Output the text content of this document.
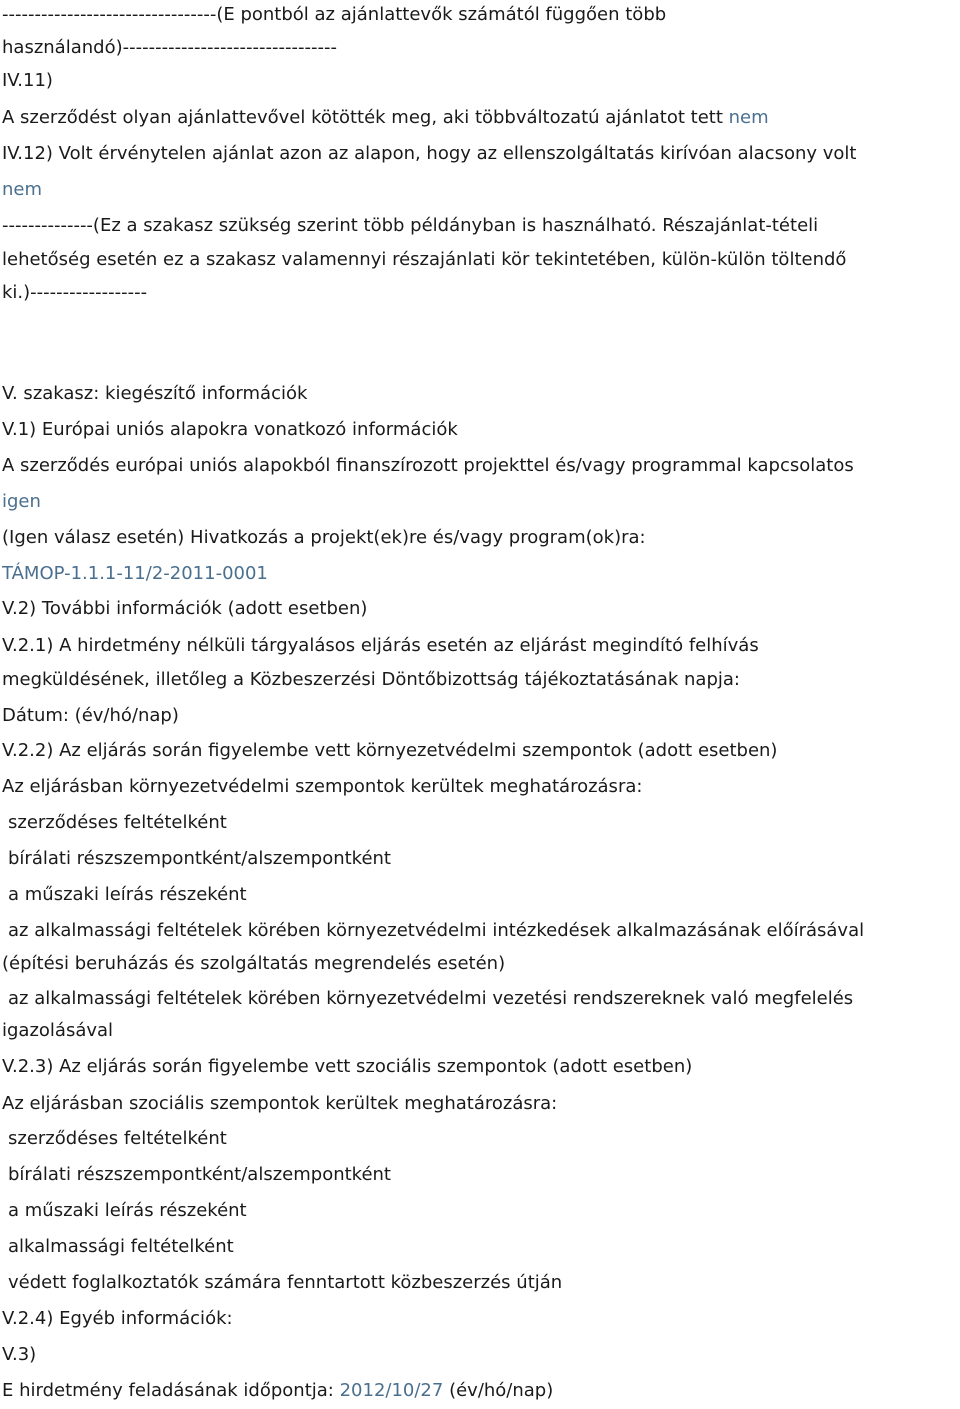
---------------------------------(E pontból az ajánlattevők számától függően több
használandó)---------------------------------
IV.11)
A szerződést olyan ajánlattevővel kötötték meg, aki többváltozatú ajánlatot tett nem
IV.12) Volt érvénytelen ajánlat azon az alapon, hogy az ellenszolgáltatás kirívóan alacsony volt
nem
--------------(Ez a szakasz szükség szerint több példányban is használható. Részajánlat-tételi
lehetőség esetén ez a szakasz valamennyi részajánlati kör tekintetében, külön-külön töltendő
ki.)------------------
V. szakasz: kiegészítő információk
V.1) Európai uniós alapokra vonatkozó információk
A szerződés európai uniós alapokból finanszírozott projekttel és/vagy programmal kapcsolatos
igen
(Igen válasz esetén) Hivatkozás a projekt(ek)re és/vagy program(ok)ra:
TÁMOP-1.1.1-11/2-2011-0001
V.2) További információk (adott esetben)
V.2.1) A hirdetmény nélküli tárgyalásos eljárás esetén az eljárást megindító felhívás
megküldésének, illetőleg a Közbeszerzési Döntőbizottság tájékoztatásának napja:
Dátum: (év/hó/nap)
V.2.2) Az eljárás során figyelembe vett környezetvédelmi szempontok (adott esetben)
Az eljárásban környezetvédelmi szempontok kerültek meghatározásra:
szerződéses feltételként
bírálati részszempontként/alszempontként
a műszaki leírás részeként
az alkalmassági feltételek körében környezetvédelmi intézkedések alkalmazásának előírásával
(építési beruházás és szolgáltatás megrendelés esetén)
az alkalmassági feltételek körében környezetvédelmi vezetési rendszereknek való megfelelés
igazolásával
V.2.3) Az eljárás során figyelembe vett szociális szempontok (adott esetben)
Az eljárásban szociális szempontok kerültek meghatározásra:
szerződéses feltételként
bírálati részszempontként/alszempontként
a műszaki leírás részeként
alkalmassági feltételként
védett foglalkoztatók számára fenntartott közbeszerzés útján
V.2.4) Egyéb információk:
V.3)
E hirdetmény feladásának időpontja: 2012/10/27 (év/hó/nap)
